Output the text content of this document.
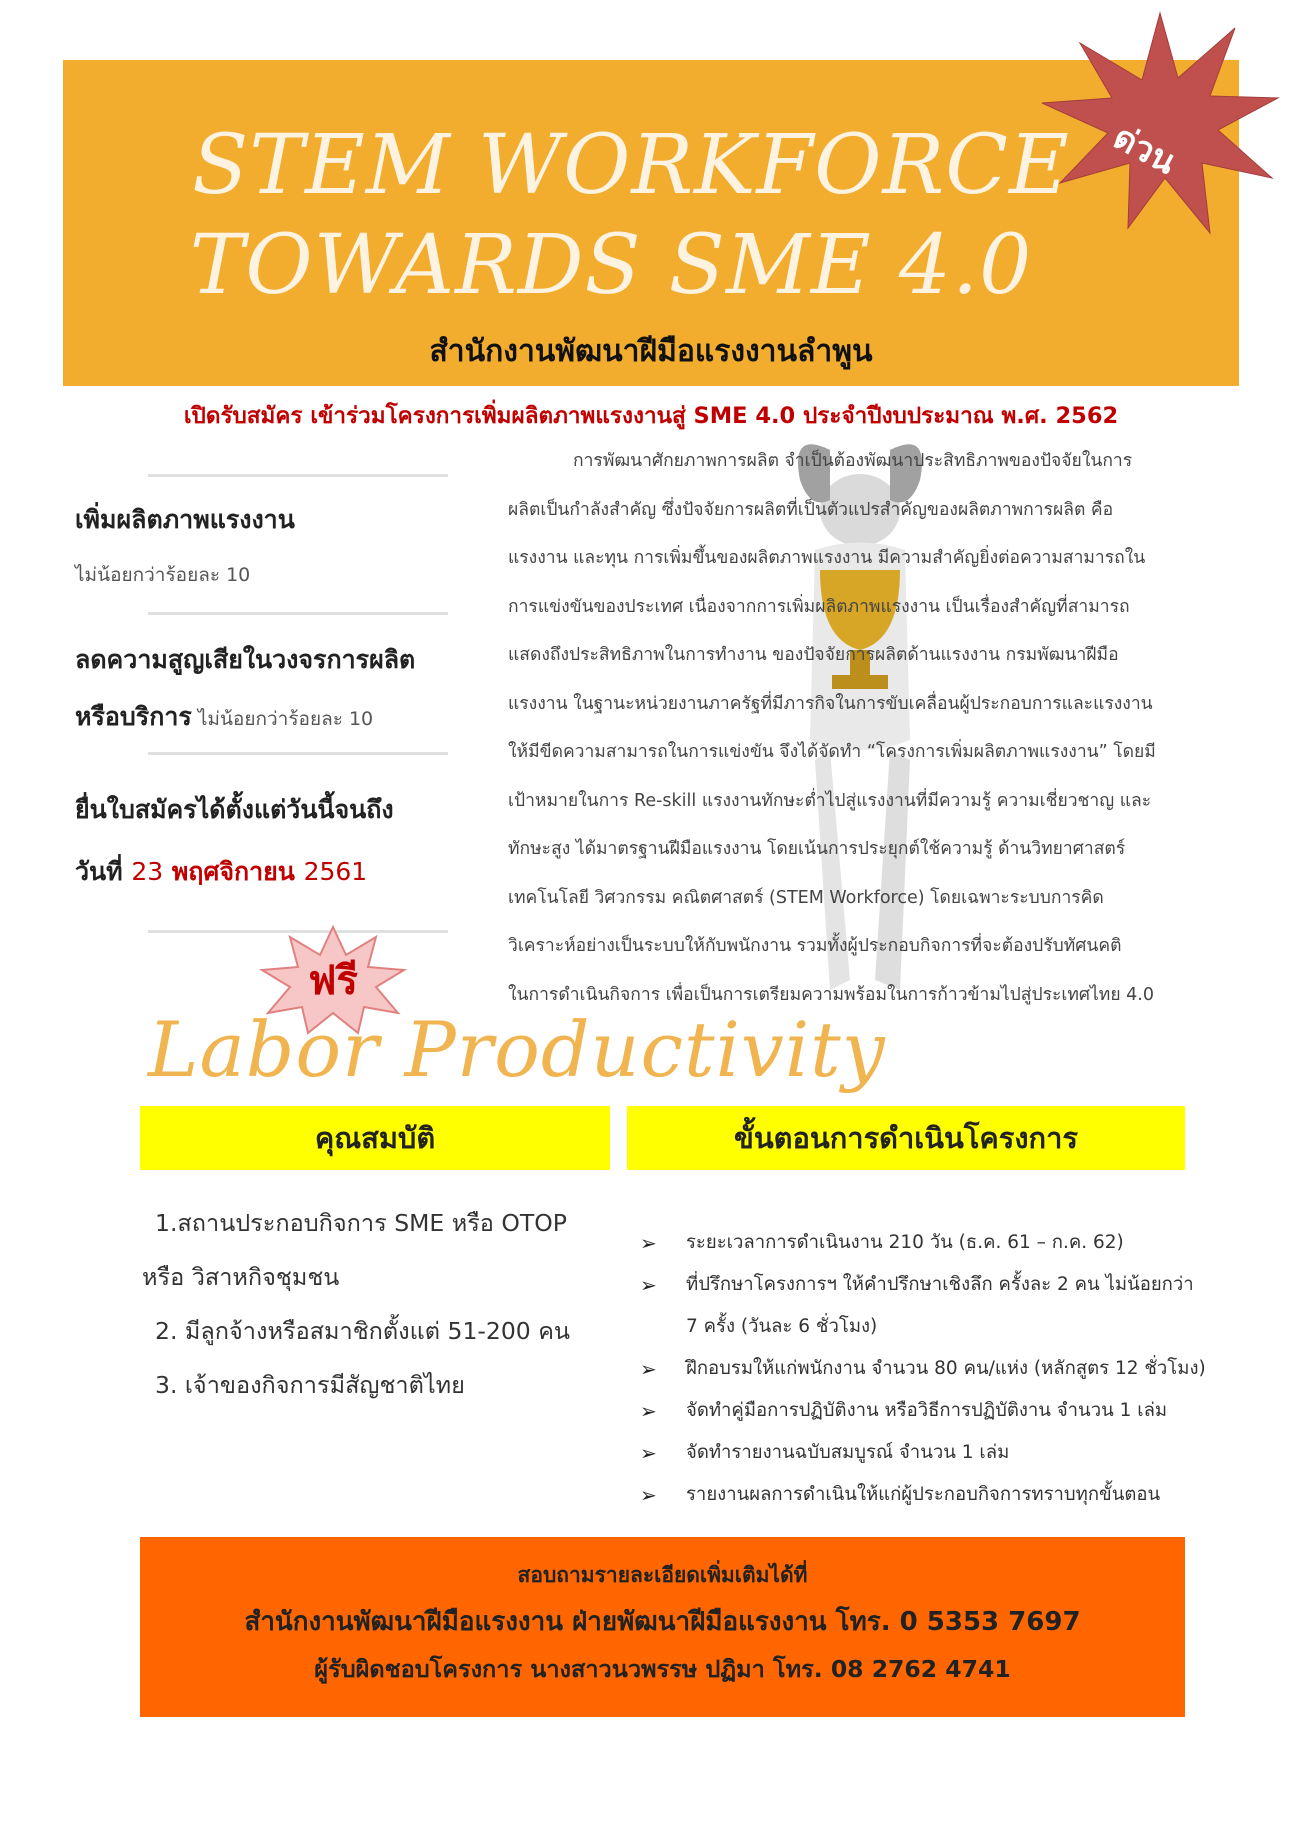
STEM WORKFORCE
TOWARDS SME 4.0
สำนักงานพัฒนาฝีมือแรงงานลำพูน
ด่วน
เปิดรับสมัคร เข้าร่วมโครงการเพิ่มผลิตภาพแรงงานสู่ SME 4.0 ประจำปีงบประมาณ พ.ศ. 2562
เพิ่มผลิตภาพแรงงาน
ไม่น้อยกว่าร้อยละ 10
ลดความสูญเสียในวงจรการผลิต
หรือบริการ ไม่น้อยกว่าร้อยละ 10
ยื่นใบสมัครได้ตั้งแต่วันนี้จนถึง
วันที่ 23 พฤศจิกายน 2561
การพัฒนาศักยภาพการผลิต จำเป็นต้องพัฒนาประสิทธิภาพของปัจจัยในการ
ผลิตเป็นกำลังสำคัญ ซึ่งปัจจัยการผลิตที่เป็นตัวแปรสำคัญของผลิตภาพการผลิต คือ
แรงงาน และทุน การเพิ่มขึ้นของผลิตภาพแรงงาน มีความสำคัญยิ่งต่อความสามารถใน
การแข่งขันของประเทศ เนื่องจากการเพิ่มผลิตภาพแรงงาน เป็นเรื่องสำคัญที่สามารถ
แสดงถึงประสิทธิภาพในการทำงาน ของปัจจัยการผลิตด้านแรงงาน กรมพัฒนาฝีมือ
แรงงาน ในฐานะหน่วยงานภาครัฐที่มีภารกิจในการขับเคลื่อนผู้ประกอบการและแรงงาน
ให้มีขีดความสามารถในการแข่งขัน จึงได้จัดทำ “โครงการเพิ่มผลิตภาพแรงงาน” โดยมี
เป้าหมายในการ Re-skill แรงงานทักษะต่ำไปสู่แรงงานที่มีความรู้ ความเชี่ยวชาญ และ
ทักษะสูง ได้มาตรฐานฝีมือแรงงาน โดยเน้นการประยุกต์ใช้ความรู้ ด้านวิทยาศาสตร์
เทคโนโลยี วิศวกรรม คณิตศาสตร์ (STEM Workforce) โดยเฉพาะระบบการคิด
วิเคราะห์อย่างเป็นระบบให้กับพนักงาน รวมทั้งผู้ประกอบกิจการที่จะต้องปรับทัศนคติ
ในการดำเนินกิจการ เพื่อเป็นการเตรียมความพร้อมในการก้าวข้ามไปสู่ประเทศไทย 4.0
ฟรี
Labor Productivity
คุณสมบัติ	ขั้นตอนการดำเนินโครงการ
1.สถานประกอบกิจการ SME หรือ OTOP
หรือ วิสาหกิจชุมชน
2. มีลูกจ้างหรือสมาชิกตั้งแต่ 51-200 คน
3. เจ้าของกิจการมีสัญชาติไทย
➢ ระยะเวลาการดำเนินงาน 210 วัน (ธ.ค. 61 – ก.ค. 62)
➢ ที่ปรึกษาโครงการฯ ให้คำปรึกษาเชิงลึก ครั้งละ 2 คน ไม่น้อยกว่า
7 ครั้ง (วันละ 6 ชั่วโมง)
➢ ฝึกอบรมให้แก่พนักงาน จำนวน 80 คน/แห่ง (หลักสูตร 12 ชั่วโมง)
➢ จัดทำคู่มือการปฏิบัติงาน หรือวิธีการปฏิบัติงาน จำนวน 1 เล่ม
➢ จัดทำรายงานฉบับสมบูรณ์ จำนวน 1 เล่ม
➢ รายงานผลการดำเนินให้แก่ผู้ประกอบกิจการทราบทุกขั้นตอน
สอบถามรายละเอียดเพิ่มเติมได้ที่
สำนักงานพัฒนาฝีมือแรงงาน ฝ่ายพัฒนาฝีมือแรงงาน โทร. 0 5353 7697
ผู้รับผิดชอบโครงการ นางสาวนวพรรษ ปฏิมา โทร. 08 2762 4741
